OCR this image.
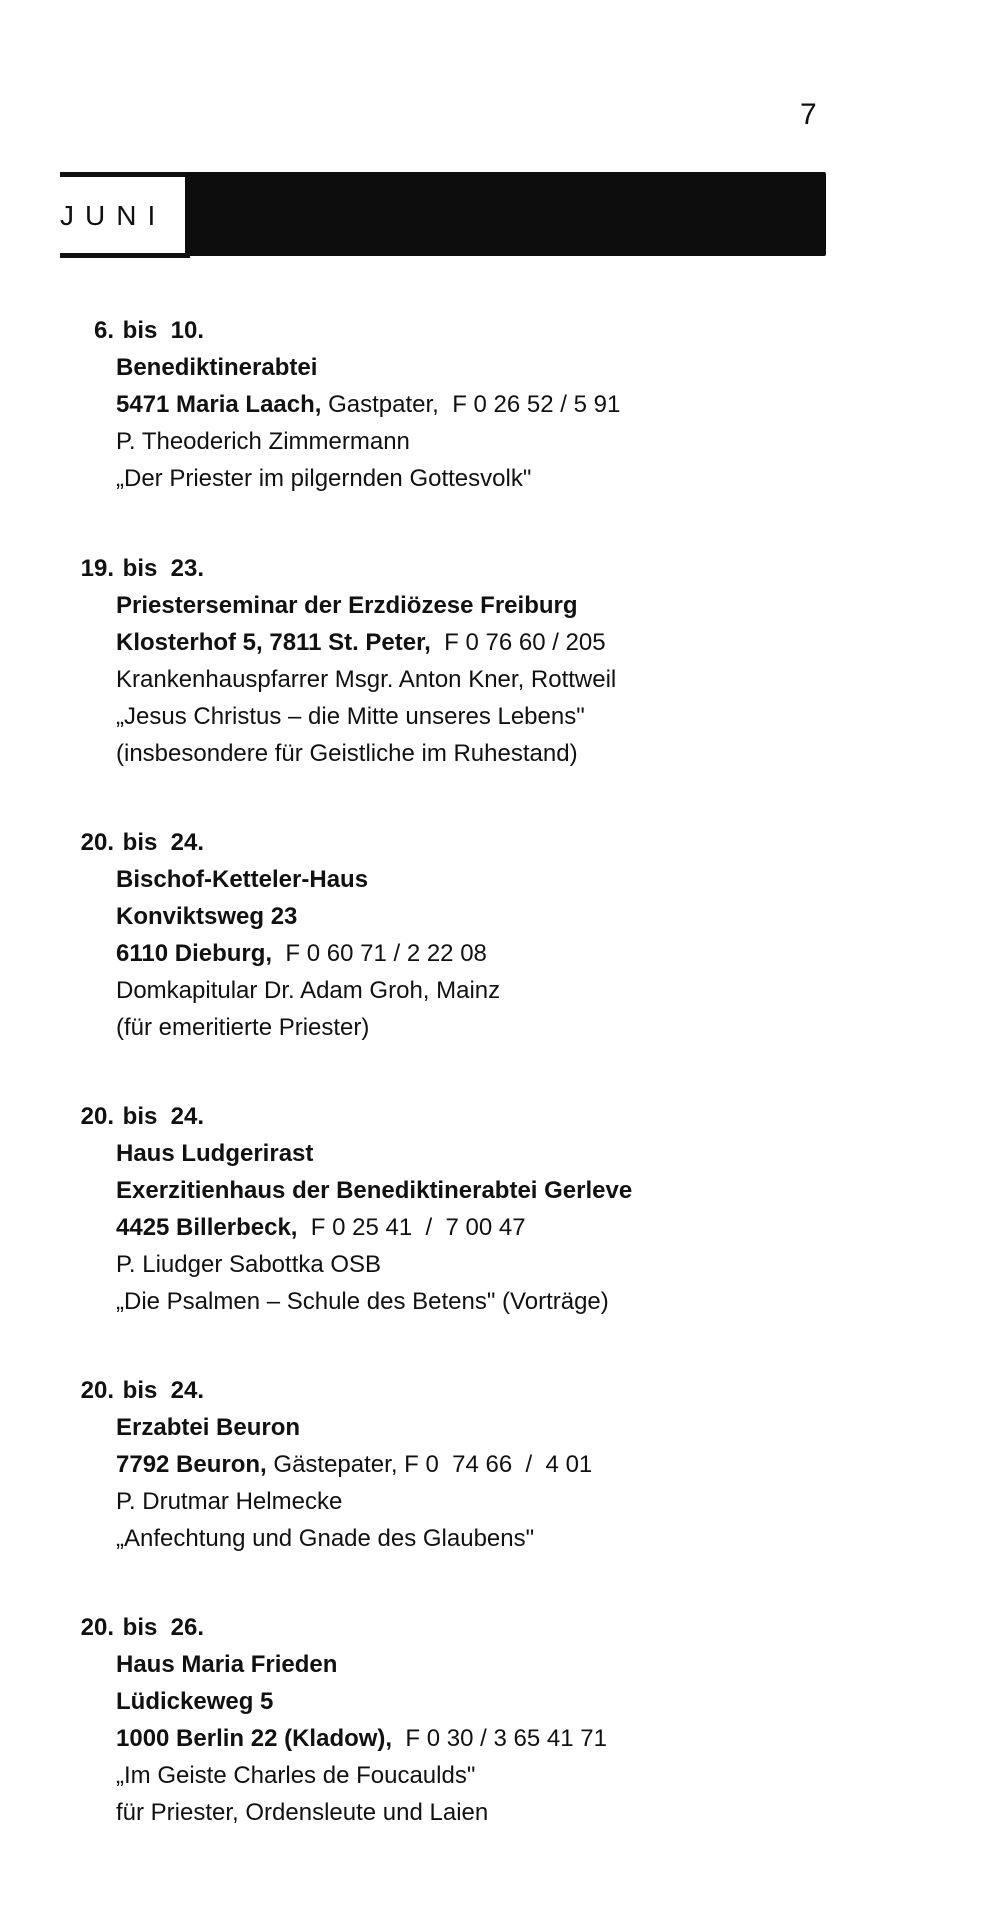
7
JUNI
6. bis  10.
Benediktinerabtei
5471 Maria Laach, Gastpater,  F 0 26 52 / 5 91
P. Theoderich Zimmermann
„Der Priester im pilgernden Gottesvolk"
19. bis  23.
Priesterseminar der Erzdiözese Freiburg
Klosterhof 5, 7811 St. Peter,  F 0 76 60 / 205
Krankenhauspfarrer Msgr. Anton Kner, Rottweil
„Jesus Christus – die Mitte unseres Lebens"
(insbesondere für Geistliche im Ruhestand)
20. bis  24.
Bischof-Ketteler-Haus
Konviktsweg 23
6110 Dieburg,  F 0 60 71 / 2 22 08
Domkapitular Dr. Adam Groh, Mainz
(für emeritierte Priester)
20. bis  24.
Haus Ludgerirast
Exerzitienhaus der Benediktinerabtei Gerleve
4425 Billerbeck,  F 0 25 41  /  7 00 47
P. Liudger Sabottka OSB
„Die Psalmen – Schule des Betens" (Vorträge)
20. bis  24.
Erzabtei Beuron
7792 Beuron, Gästepater, F 0  74 66  /  4 01
P. Drutmar Helmecke
„Anfechtung und Gnade des Glaubens"
20. bis  26.
Haus Maria Frieden
Lüdickeweg 5
1000 Berlin 22 (Kladow),  F 0 30 / 3 65 41 71
„Im Geiste Charles de Foucaulds"
für Priester, Ordensleute und Laien
